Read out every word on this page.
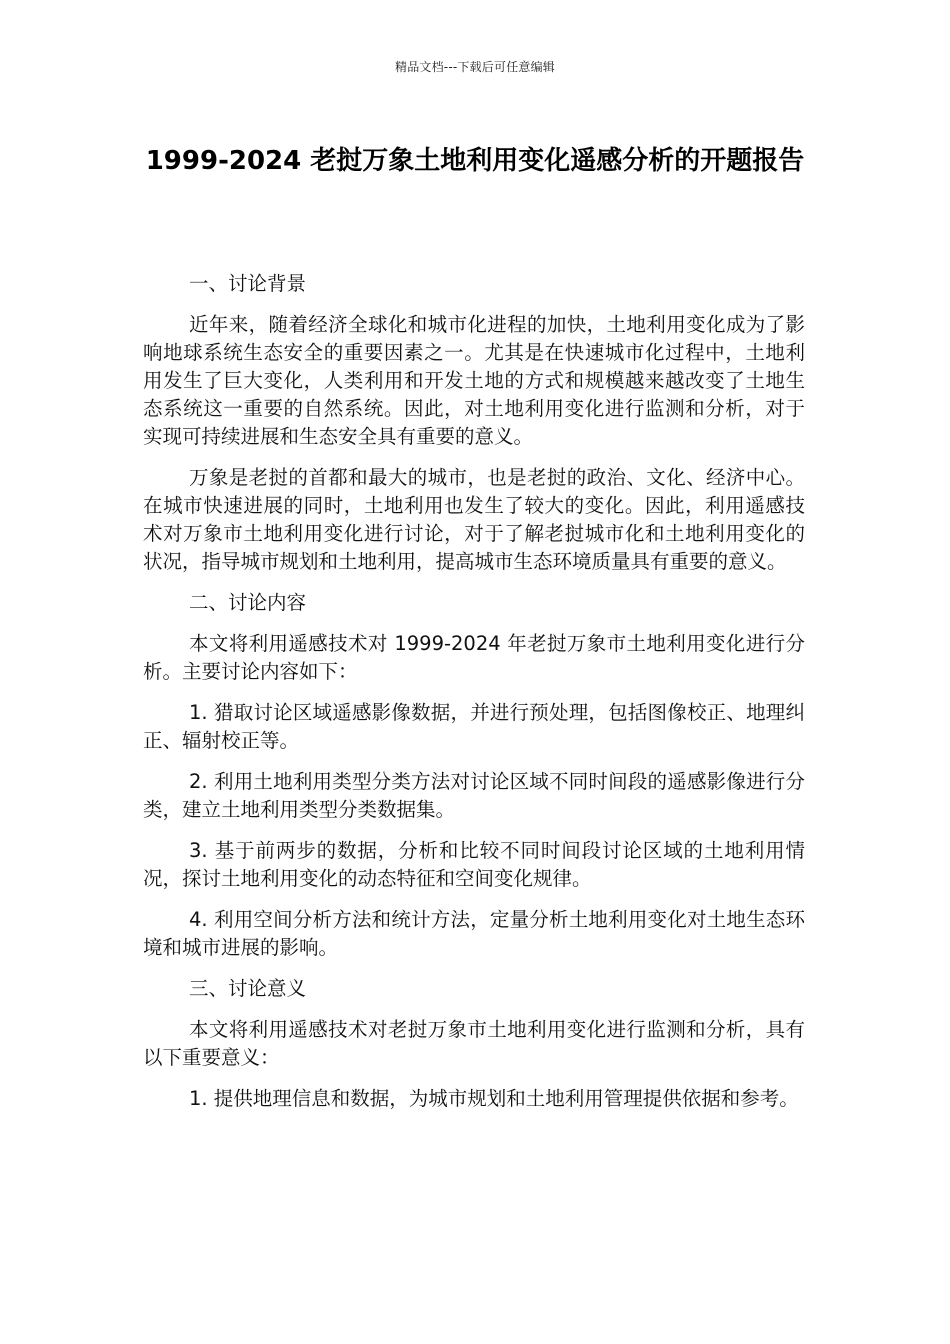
精品文档---下载后可任意编辑
1999-2024 老挝万象土地利用变化遥感分析的开题报告

一、讨论背景

近年来，随着经济全球化和城市化进程的加快，土地利用变化成为了影响地球系统生态安全的重要因素之一。尤其是在快速城市化过程中，土地利用发生了巨大变化，人类利用和开发土地的方式和规模越来越改变了土地生态系统这一重要的自然系统。因此，对土地利用变化进行监测和分析，对于实现可持续进展和生态安全具有重要的意义。

万象是老挝的首都和最大的城市，也是老挝的政治、文化、经济中心。在城市快速进展的同时，土地利用也发生了较大的变化。因此，利用遥感技术对万象市土地利用变化进行讨论，对于了解老挝城市化和土地利用变化的状况，指导城市规划和土地利用，提高城市生态环境质量具有重要的意义。

二、讨论内容

本文将利用遥感技术对 1999-2024 年老挝万象市土地利用变化进行分析。主要讨论内容如下：

1. 猎取讨论区域遥感影像数据，并进行预处理，包括图像校正、地理纠正、辐射校正等。

2. 利用土地利用类型分类方法对讨论区域不同时间段的遥感影像进行分类，建立土地利用类型分类数据集。

3. 基于前两步的数据，分析和比较不同时间段讨论区域的土地利用情况，探讨土地利用变化的动态特征和空间变化规律。

4. 利用空间分析方法和统计方法，定量分析土地利用变化对土地生态环境和城市进展的影响。

三、讨论意义

本文将利用遥感技术对老挝万象市土地利用变化进行监测和分析，具有以下重要意义：

1. 提供地理信息和数据，为城市规划和土地利用管理提供依据和参考。
